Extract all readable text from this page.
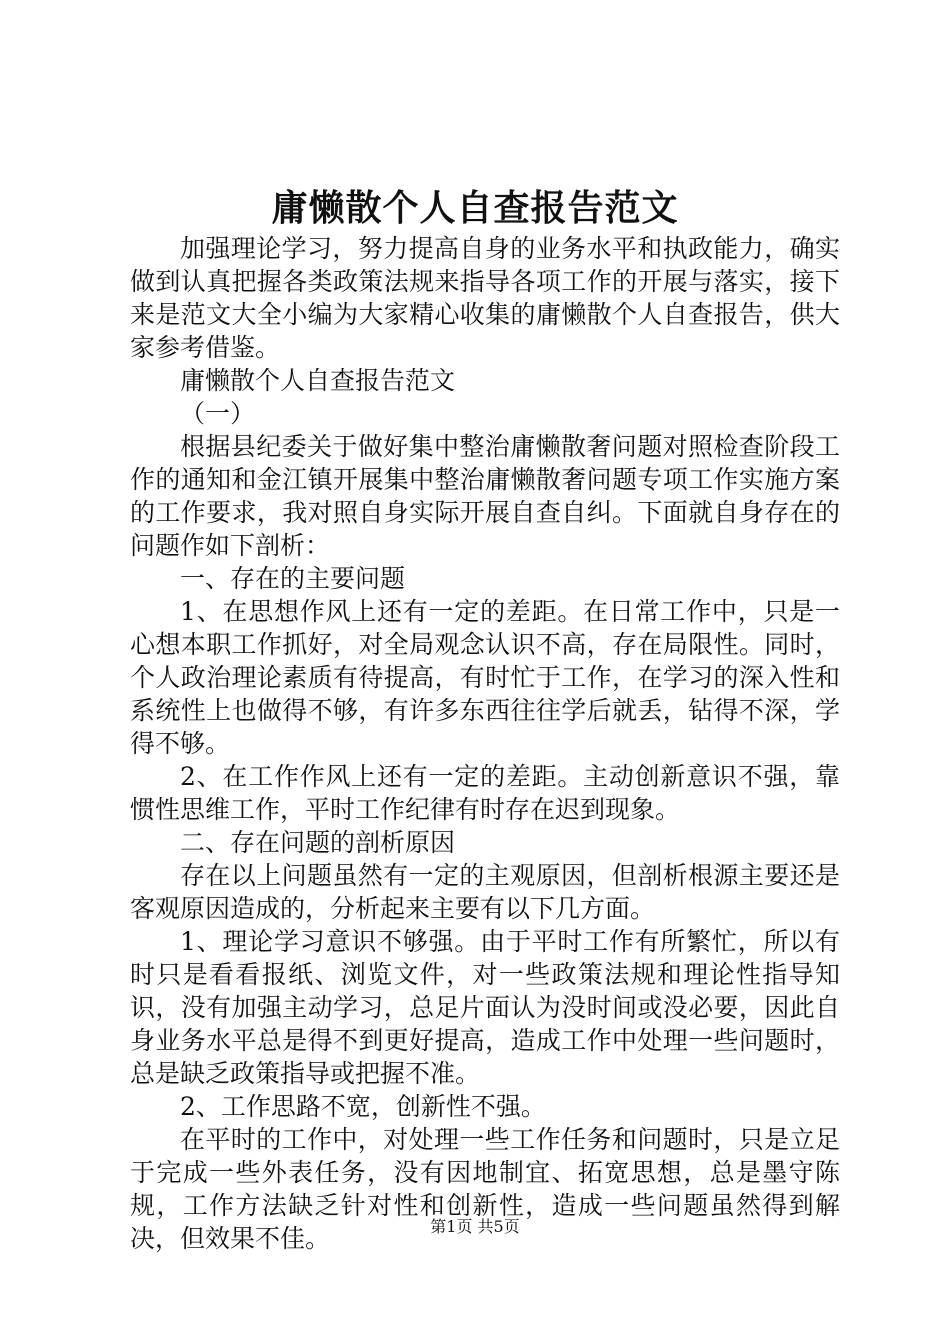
庸懒散个人自查报告范文

加强理论学习，努力提高自身的业务水平和执政能力，确实做到认真把握各类政策法规来指导各项工作的开展与落实，接下来是范文大全小编为大家精心收集的庸懒散个人自查报告，供大家参考借鉴。

庸懒散个人自查报告范文

（一）

根据县纪委关于做好集中整治庸懒散奢问题对照检查阶段工作的通知和金江镇开展集中整治庸懒散奢问题专项工作实施方案的工作要求，我对照自身实际开展自查自纠。下面就自身存在的问题作如下剖析：

一、存在的主要问题

1、在思想作风上还有一定的差距。在日常工作中，只是一心想本职工作抓好，对全局观念认识不高，存在局限性。同时，个人政治理论素质有待提高，有时忙于工作，在学习的深入性和系统性上也做得不够，有许多东西往往学后就丢，钻得不深，学得不够。

2、在工作作风上还有一定的差距。主动创新意识不强，靠惯性思维工作，平时工作纪律有时存在迟到现象。

二、存在问题的剖析原因

存在以上问题虽然有一定的主观原因，但剖析根源主要还是客观原因造成的，分析起来主要有以下几方面。

1、理论学习意识不够强。由于平时工作有所繁忙，所以有时只是看看报纸、浏览文件，对一些政策法规和理论性指导知识，没有加强主动学习，总足片面认为没时间或没必要，因此自身业务水平总是得不到更好提高，造成工作中处理一些问题时，总是缺乏政策指导或把握不准。

2、工作思路不宽，创新性不强。

在平时的工作中，对处理一些工作任务和问题时，只是立足于完成一些外表任务，没有因地制宜、拓宽思想，总是墨守陈规，工作方法缺乏针对性和创新性，造成一些问题虽然得到解决，但效果不佳。	第1页 共5页
